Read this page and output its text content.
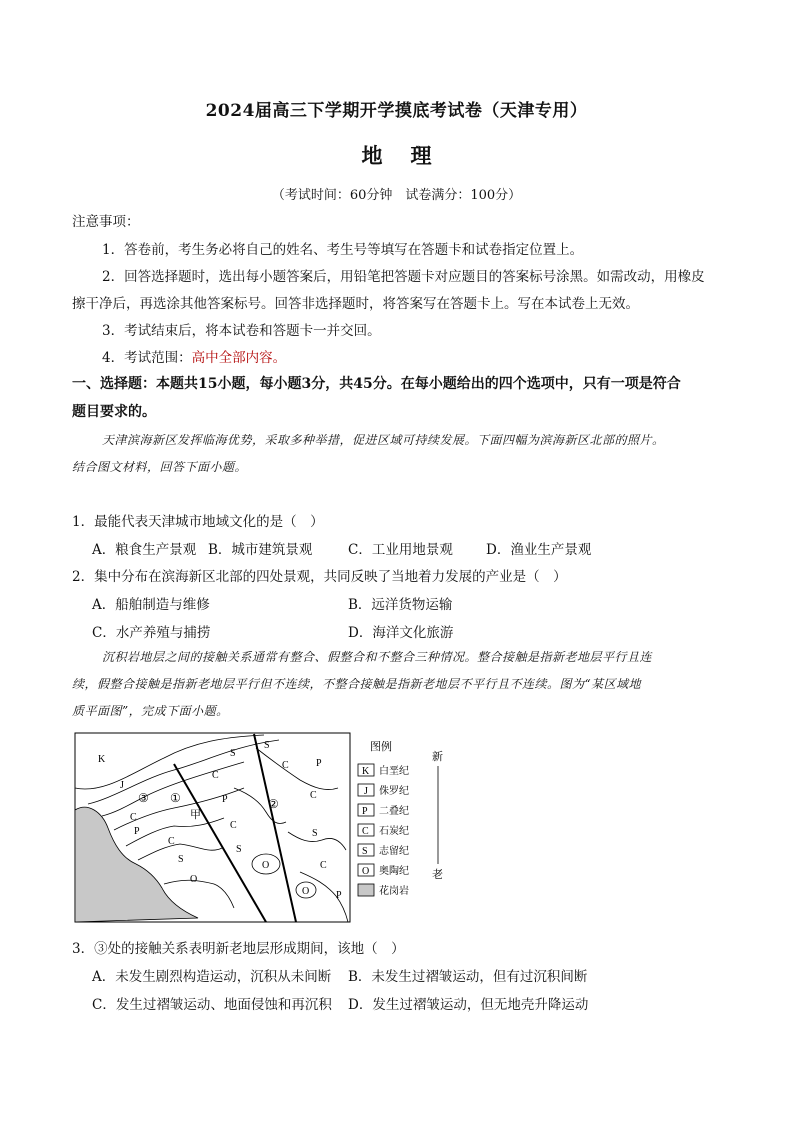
2024届高三下学期开学摸底考试卷（天津专用）
地理
（考试时间：60分钟　试卷满分：100分）
注意事项：
1．答卷前，考生务必将自己的姓名、考生号等填写在答题卡和试卷指定位置上。
2．回答选择题时，选出每小题答案后，用铅笔把答题卡对应题目的答案标号涂黑。如需改动，用橡皮
擦干净后，再选涂其他答案标号。回答非选择题时，将答案写在答题卡上。写在本试卷上无效。
3．考试结束后，将本试卷和答题卡一并交回。
4．考试范围：高中全部内容。
一、选择题：本题共15小题，每小题3分，共45分。在每小题给出的四个选项中，只有一项是符合
题目要求的。
天津滨海新区发挥临海优势，采取多种举措，促进区域可持续发展。下面四幅为滨海新区北部的照片。
结合图文材料，回答下面小题。
1．最能代表天津城市地域文化的是（　）
A．粮食生产景观 B．城市建筑景观	C．工业用地景观 D．渔业生产景观
2．集中分布在滨海新区北部的四处景观，共同反映了当地着力发展的产业是（　）
A．船舶制造与维修	B．远洋货物运输
C．水产养殖与捕捞	D．海洋文化旅游
沉积岩地层之间的接触关系通常有整合、假整合和不整合三种情况。整合接触是指新老地层平行且连
续，假整合接触是指新老地层平行但不连续，不整合接触是指新老地层不平行且不连续。图为“某区域地
质平面图”，完成下面小题。
K
J
C
P
C
S
O
C
S
P
C
S
S
C	P
C
S
C
O
O	P
③ ①	②
甲
图例
K 白垩纪
J 侏罗纪
P 二叠纪
C 石炭纪
S 志留纪
O 奥陶纪
花岗岩
新
老
3．③处的接触关系表明新老地层形成期间，该地（　）
A．未发生剧烈构造运动，沉积从未间断 B．未发生过褶皱运动，但有过沉积间断
C．发生过褶皱运动、地面侵蚀和再沉积 D．发生过褶皱运动，但无地壳升降运动
